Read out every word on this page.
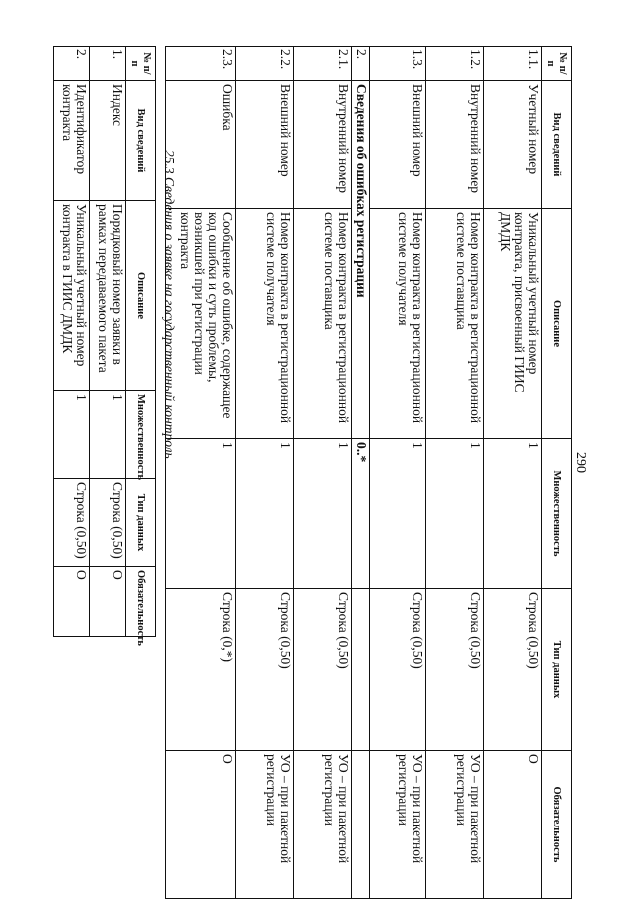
290
№ п/п	Вид сведений	Описание	Множественность	Тип данных	Обязательность
1.1.	Учетный номер	Уникальный учетный номер контракта, присвоенный ГИИС ДМДК	1	Строка (0,50)	О
1.2.	Внутренний номер	Номер контракта в регистрационной системе поставщика	1	Строка (0,50)	УО – при пакетной регистрации
1.3.	Внешний номер	Номер контракта в регистрационной системе получателя	1	Строка (0,50)	УО – при пакетной регистрации
2.	Сведения об ошибках регистрации		0..*		
2.1.	Внутренний номер	Номер контракта в регистрационной системе поставщика	1	Строка (0,50)	УО – при пакетной регистрации
2.2.	Внешний номер	Номер контракта в регистрационной системе получателя	1	Строка (0,50)	УО – при пакетной регистрации
2.3.	Ошибка	Сообщение об ошибке, содержащее код ошибки и суть проблемы, возникшей при регистрации контракта	1	Строка (0,*)	О
25.3 Сведения о заявке на государственный контроль
№ п/п	Вид сведений	Описание	Множественность	Тип данных	Обязательность
1.	Индекс	Порядковый номер заявки в рамках передаваемого пакета	1	Строка (0,50)	О
2.	Идентификатор контракта	Уникальный учетный номер контракта в ГИИС ДМДК	1	Строка (0,50)	О
